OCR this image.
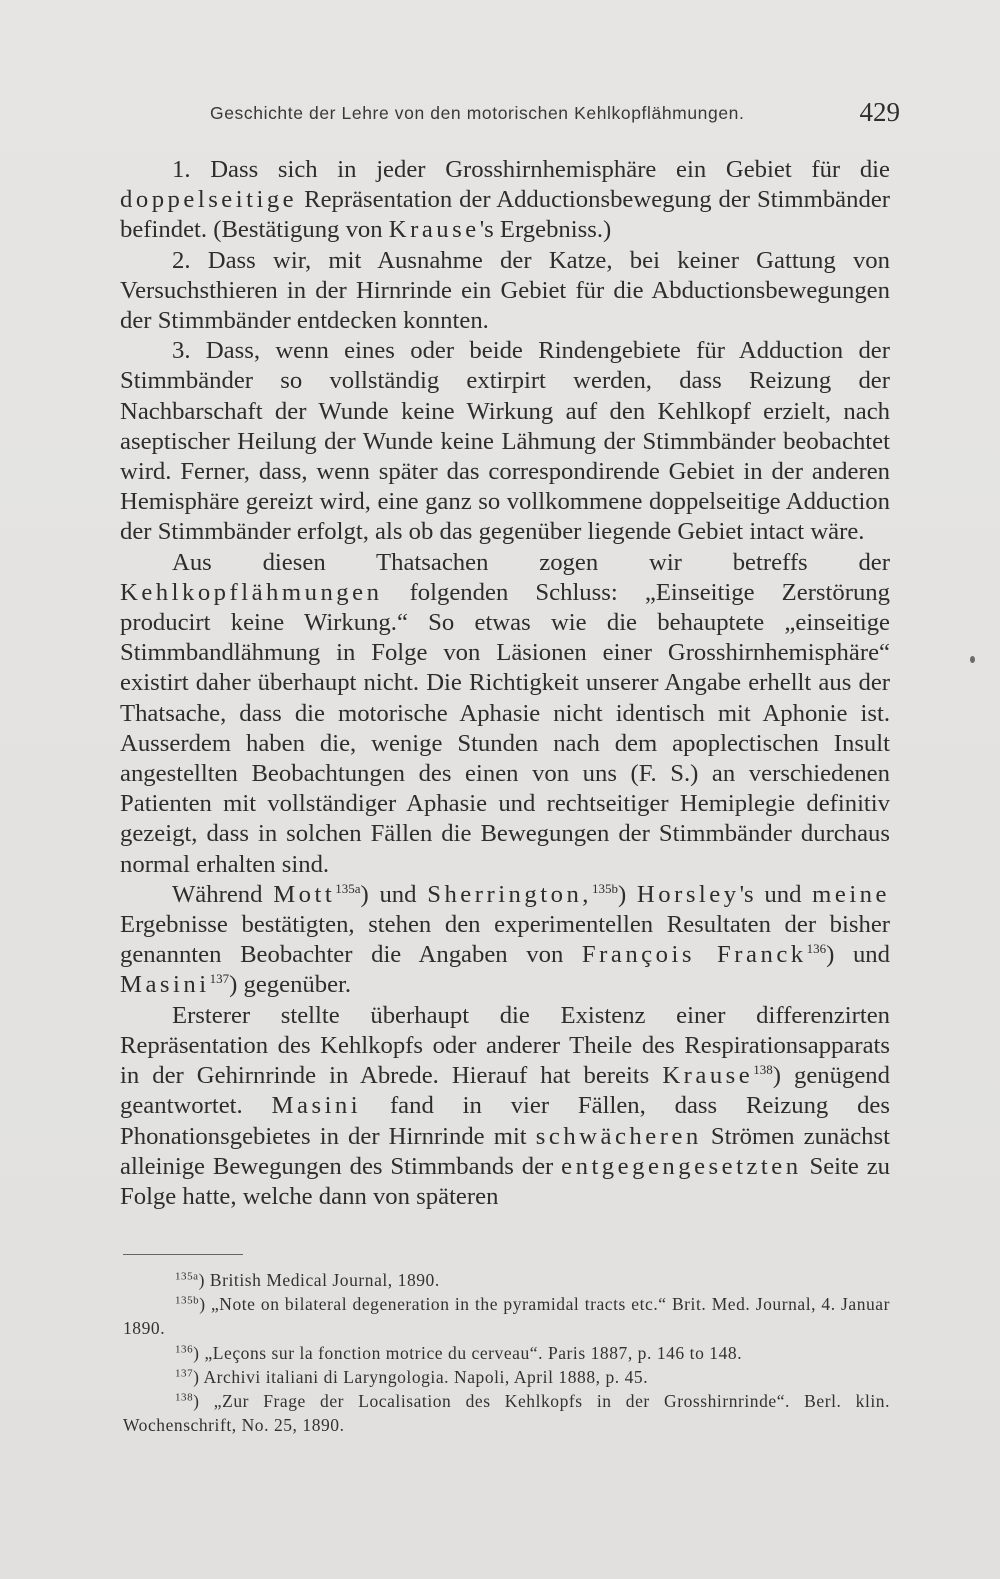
Geschichte der Lehre von den motorischen Kehlkopflähmungen.	429

1. Dass sich in jeder Grosshirnhemisphäre ein Gebiet für die doppelseitige Repräsentation der Adductionsbewegung der Stimmbänder befindet. (Bestätigung von Krause's Ergebniss.)

2. Dass wir, mit Ausnahme der Katze, bei keiner Gattung von Versuchsthieren in der Hirnrinde ein Gebiet für die Abductionsbewegungen der Stimmbänder entdecken konnten.

3. Dass, wenn eines oder beide Rindengebiete für Adduction der Stimmbänder so vollständig extirpirt werden, dass Reizung der Nachbarschaft der Wunde keine Wirkung auf den Kehlkopf erzielt, nach aseptischer Heilung der Wunde keine Lähmung der Stimmbänder beobachtet wird. Ferner, dass, wenn später das correspondirende Gebiet in der anderen Hemisphäre gereizt wird, eine ganz so vollkommene doppelseitige Adduction der Stimmbänder erfolgt, als ob das gegenüber liegende Gebiet intact wäre.

Aus diesen Thatsachen zogen wir betreffs der Kehlkopflähmungen folgenden Schluss: „Einseitige Zerstörung producirt keine Wirkung.“ So etwas wie die behauptete „einseitige Stimmbandlähmung in Folge von Läsionen einer Grosshirnhemisphäre“ existirt daher überhaupt nicht. Die Richtigkeit unserer Angabe erhellt aus der Thatsache, dass die motorische Aphasie nicht identisch mit Aphonie ist. Ausserdem haben die, wenige Stunden nach dem apoplectischen Insult angestellten Beobachtungen des einen von uns (F. S.) an verschiedenen Patienten mit vollständiger Aphasie und rechtseitiger Hemiplegie definitiv gezeigt, dass in solchen Fällen die Bewegungen der Stimmbänder durchaus normal erhalten sind.

Während Mott$^{135a}$) und Sherrington,$^{135b}$) Horsley's und meine Ergebnisse bestätigten, stehen den experimentellen Resultaten der bisher genannten Beobachter die Angaben von François Franck$^{136}$) und Masini$^{137}$) gegenüber.

Ersterer stellte überhaupt die Existenz einer differenzirten Repräsentation des Kehlkopfs oder anderer Theile des Respirationsapparats in der Gehirnrinde in Abrede. Hierauf hat bereits Krause$^{138}$) genügend geantwortet. Masini fand in vier Fällen, dass Reizung des Phonationsgebietes in der Hirnrinde mit schwächeren Strömen zunächst alleinige Bewegungen des Stimmbands der entgegengesetzten Seite zu Folge hatte, welche dann von späteren

$^{135a}$) British Medical Journal, 1890.

$^{135b}$) „Note on bilateral degeneration in the pyramidal tracts etc.“ Brit. Med. Journal, 4. Januar 1890.

$^{136}$) „Leçons sur la fonction motrice du cerveau“. Paris 1887, p. 146 to 148.

$^{137}$) Archivi italiani di Laryngologia. Napoli, April 1888, p. 45.

$^{138}$) „Zur Frage der Localisation des Kehlkopfs in der Grosshirnrinde“. Berl. klin. Wochenschrift, No. 25, 1890.
